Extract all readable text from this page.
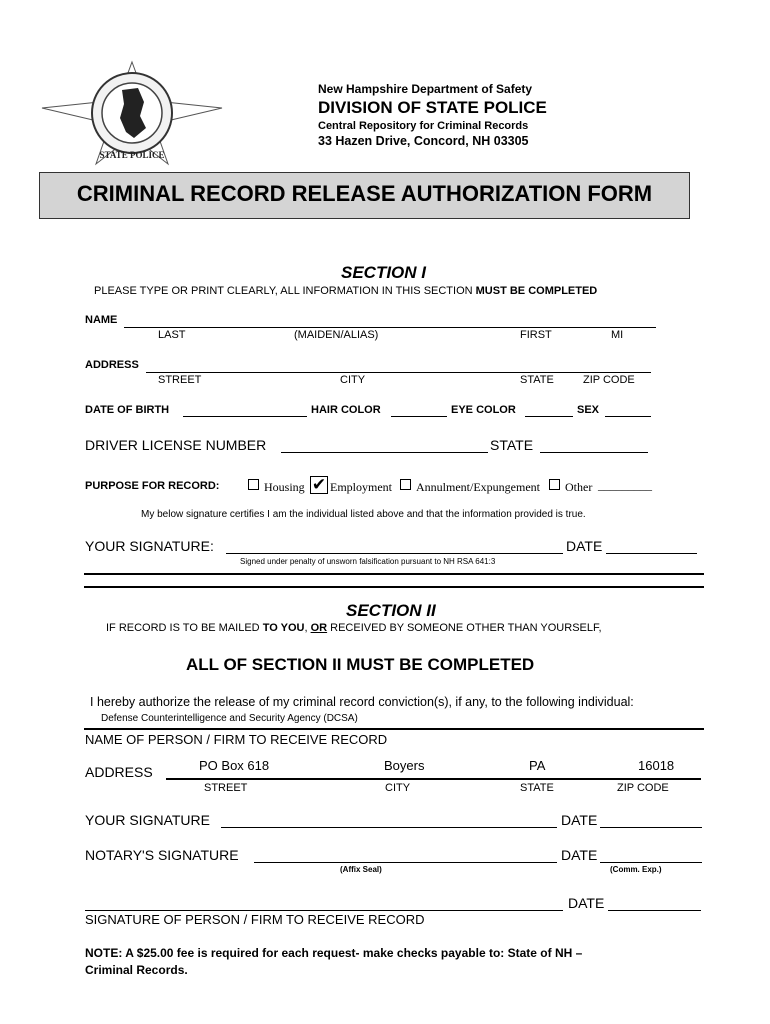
STATE POLICE
New Hampshire Department of Safety
DIVISION OF STATE POLICE
Central Repository for Criminal Records
33 Hazen Drive, Concord, NH 03305
CRIMINAL RECORD RELEASE AUTHORIZATION FORM
SECTION I
PLEASE TYPE OR PRINT CLEARLY, ALL INFORMATION IN THIS SECTION MUST BE COMPLETED
NAME
LAST	(MAIDEN/ALIAS)	FIRST	MI
ADDRESS
STREET	CITY	STATE	ZIP CODE
DATE OF BIRTH	HAIR COLOR	EYE COLOR	SEX
DRIVER LICENSE NUMBER	STATE
PURPOSE FOR RECORD:	Housing ✔ Employment Annulment/Expungement Other _________
My below signature certifies I am the individual listed above and that the information provided is true.
YOUR SIGNATURE:	DATE
Signed under penalty of unsworn falsification pursuant to NH RSA 641:3
SECTION II
IF RECORD IS TO BE MAILED TO YOU, OR RECEIVED BY SOMEONE OTHER THAN YOURSELF,
ALL OF SECTION II MUST BE COMPLETED
I hereby authorize the release of my criminal record conviction(s), if any, to the following individual:
Defense Counterintelligence and Security Agency (DCSA)
NAME OF PERSON / FIRM TO RECEIVE RECORD
ADDRESS	PO Box 618	Boyers	PA	16018
STREET	CITY	STATE	ZIP CODE
YOUR SIGNATURE	DATE
NOTARY'S SIGNATURE	DATE
(Affix Seal)	(Comm. Exp.)
DATE
SIGNATURE OF PERSON / FIRM TO RECEIVE RECORD
NOTE: A $25.00 fee is required for each request- make checks payable to: State of NH –
Criminal Records.
